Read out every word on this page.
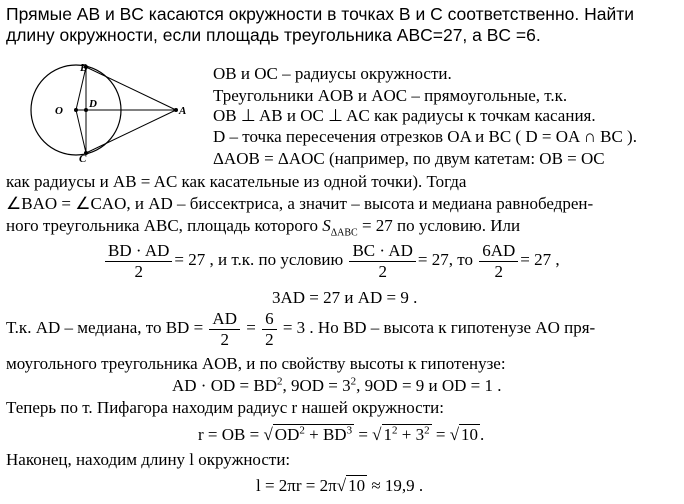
Прямые AB и BC касаются окружности в точках B и C соответственно. Найти
длину окружности, если площадь треугольника ABC=27, а BC =6.
B
O
D
A
C
OB и OC – радиусы окружности.
Треугольники AOB и AOC – прямоугольные, т.к.
OB ⊥ AB и OC ⊥ AC как радиусы к точкам касания.
D – точка пересечения отрезков OA и BC ( D = OA ∩ BC ).
ΔAOB = ΔAOC (например, по двум катетам: OB = OC
как радиусы и AB = AC как касательные из одной точки). Тогда
∠BAO = ∠CAO, и AD – биссектриса, а значит – высота и медиана равнобедрен-
ного треугольника ABC, площадь которого $S_{\Delta ABC} = 27$ по условию. Или
$\frac{BD \cdot AD}{2} = 27$ , и т.к. по условию $\frac{BC \cdot AD}{2} = 27$, то $\frac{6AD}{2} = 27$ ,
3AD = 27 и AD = 9 .
Т.к. AD – медиана, то BD = $\frac{AD}{2} = \frac{6}{2} = 3$ . Но BD – высота к гипотенузе AO пря-
моугольного треугольника AOB, и по свойству высоты к гипотенузе:
AD · OD = $BD^2$, $9OD = 3^2$, 9OD = 9 и OD = 1 .
Теперь по т. Пифагора находим радиус r нашей окружности:
r = OB = √ $OD^2 + BD^3$ = √ $1^2 + 3^2$ = √ 10 .
Наконец, находим длину l окружности:
l = 2πr = 2π√ 10 ≈ 19,9 .
